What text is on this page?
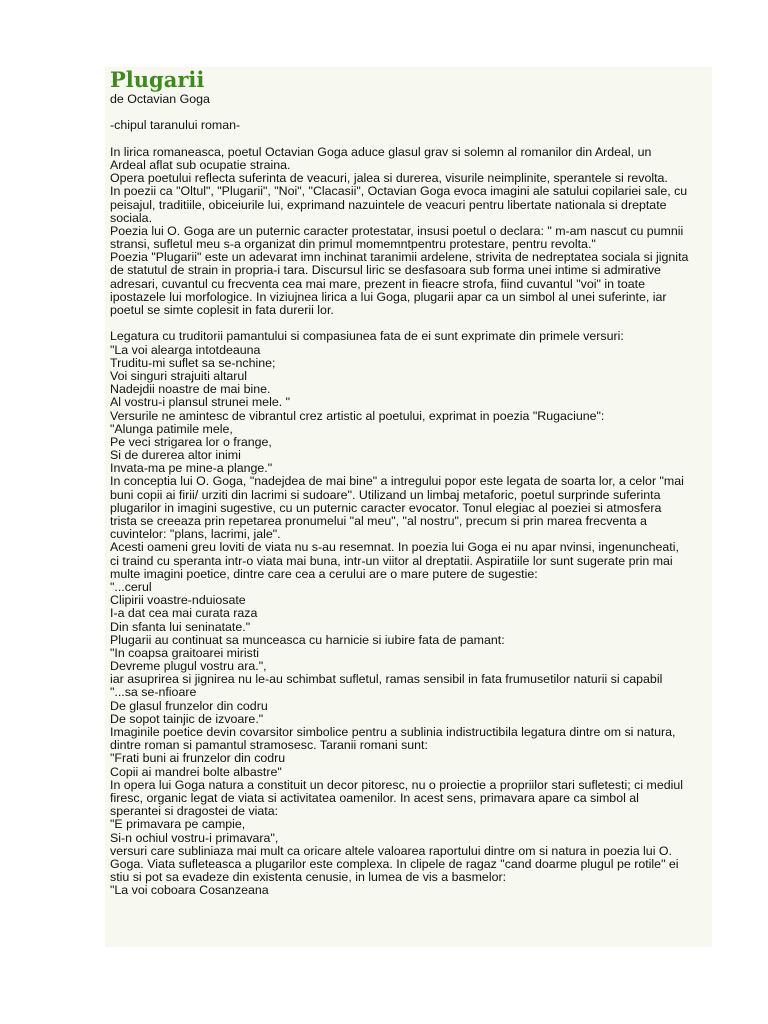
Plugarii
de Octavian Goga
-chipul taranului roman-
In lirica romaneasca, poetul Octavian Goga aduce glasul grav si solemn al romanilor din Ardeal, un
Ardeal aflat sub ocupatie straina.
Opera poetului reflecta suferinta de veacuri, jalea si durerea, visurile neimplinite, sperantele si revolta.
In poezii ca "Oltul", "Plugarii", "Noi", "Clacasii", Octavian Goga evoca imagini ale satului copilariei sale, cu
peisajul, traditiile, obiceiurile lui, exprimand nazuintele de veacuri pentru libertate nationala si dreptate
sociala.
Poezia lui O. Goga are un puternic caracter protestatar, insusi poetul o declara: " m-am nascut cu pumnii
stransi, sufletul meu s-a organizat din primul momemntpentru protestare, pentru revolta."
Poezia "Plugarii" este un adevarat imn inchinat taranimii ardelene, strivita de nedreptatea sociala si jignita
de statutul de strain in propria-i tara. Discursul liric se desfasoara sub forma unei intime si admirative
adresari, cuvantul cu frecventa cea mai mare, prezent in fieacre strofa, fiind cuvantul "voi" in toate
ipostazele lui morfologice. In viziujnea lirica a lui Goga, plugarii apar ca un simbol al unei suferinte, iar
poetul se simte coplesit in fata durerii lor.
Legatura cu truditorii pamantului si compasiunea fata de ei sunt exprimate din primele versuri:
"La voi alearga intotdeauna
Truditu-mi suflet sa se-nchine;
Voi singuri strajuiti altarul
Nadejdii noastre de mai bine.
Al vostru-i plansul strunei mele. "
Versurile ne amintesc de vibrantul crez artistic al poetului, exprimat in poezia "Rugaciune":
"Alunga patimile mele,
Pe veci strigarea lor o frange,
Si de durerea altor inimi
Invata-ma pe mine-a plange."
In conceptia lui O. Goga, "nadejdea de mai bine" a intregului popor este legata de soarta lor, a celor "mai
buni copii ai firii/ urziti din lacrimi si sudoare". Utilizand un limbaj metaforic, poetul surprinde suferinta
plugarilor in imagini sugestive, cu un puternic caracter evocator. Tonul elegiac al poeziei si atmosfera
trista se creeaza prin repetarea pronumelui "al meu", "al nostru", precum si prin marea frecventa a
cuvintelor: "plans, lacrimi, jale".
Acesti oameni greu loviti de viata nu s-au resemnat. In poezia lui Goga ei nu apar nvinsi, ingenuncheati,
ci traind cu speranta intr-o viata mai buna, intr-un viitor al dreptatii. Aspiratiile lor sunt sugerate prin mai
multe imagini poetice, dintre care cea a cerului are o mare putere de sugestie:
"...cerul
Clipirii voastre-nduiosate
I-a dat cea mai curata raza
Din sfanta lui seninatate."
Plugarii au continuat sa munceasca cu harnicie si iubire fata de pamant:
"In coapsa graitoarei miristi
Devreme plugul vostru ara.",
iar asuprirea si jignirea nu le-au schimbat sufletul, ramas sensibil in fata frumusetilor naturii si capabil
"...sa se-nfioare
De glasul frunzelor din codru
De sopot tainjic de izvoare."
Imaginile poetice devin covarsitor simbolice pentru a sublinia indistructibila legatura dintre om si natura,
dintre roman si pamantul stramosesc. Taranii romani sunt:
"Frati buni ai frunzelor din codru
Copii ai mandrei bolte albastre"
In opera lui Goga natura a constituit un decor pitoresc, nu o proiectie a propriilor stari sufletesti; ci mediul
firesc, organic legat de viata si activitatea oamenilor. In acest sens, primavara apare ca simbol al
sperantei si dragostei de viata:
"E primavara pe campie,
Si-n ochiul vostru-i primavara",
versuri care subliniaza mai mult ca oricare altele valoarea raportului dintre om si natura in poezia lui O.
Goga. Viata sufleteasca a plugarilor este complexa. In clipele de ragaz "cand doarme plugul pe rotile" ei
stiu si pot sa evadeze din existenta cenusie, in lumea de vis a basmelor:
"La voi coboara Cosanzeana
